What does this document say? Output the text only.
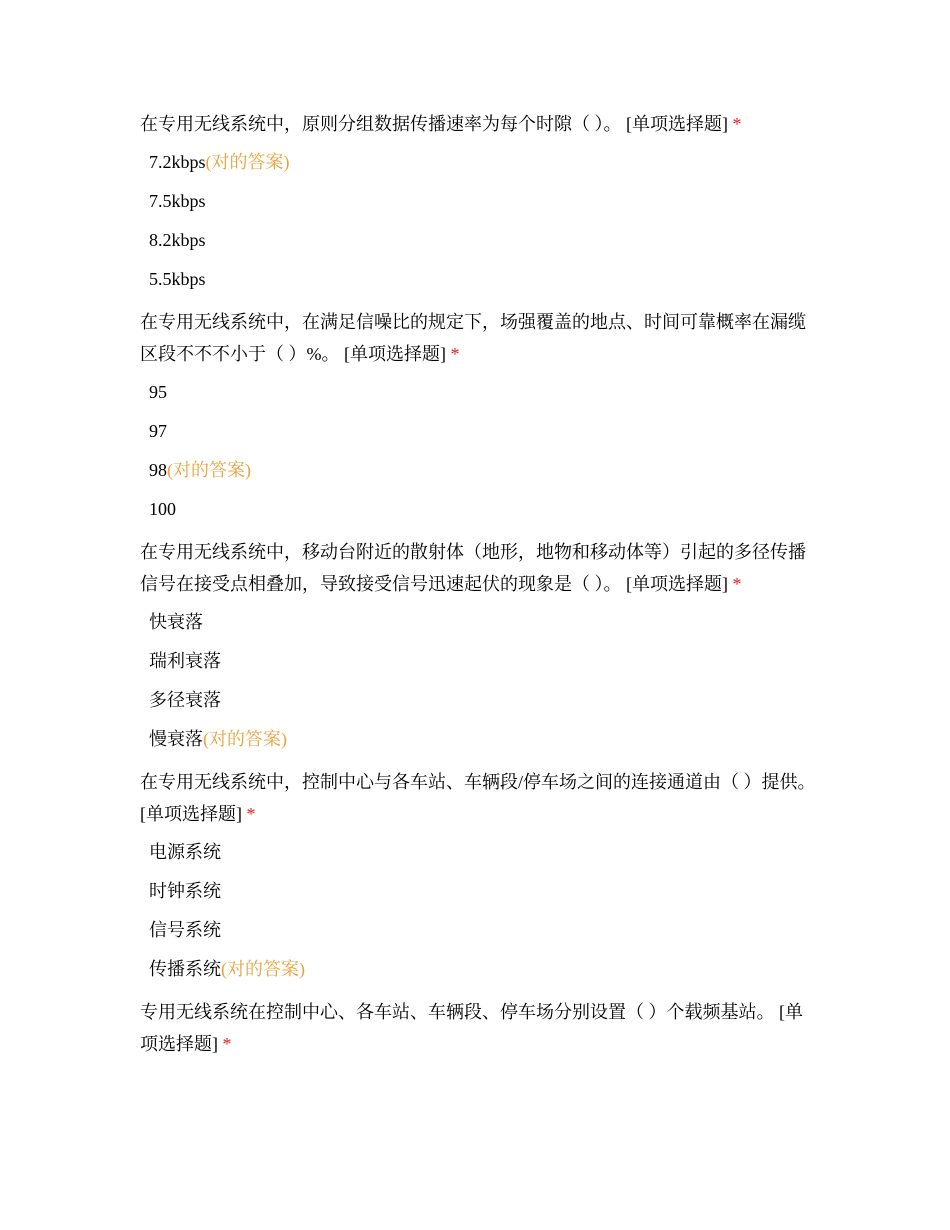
在专用无线系统中，原则分组数据传播速率为每个时隙（ ）。 [单项选择题] *

7.2kbps(对的答案)
7.5kbps
8.2kbps
5.5kbps

在专用无线系统中，在满足信噪比的规定下，场强覆盖的地点、时间可靠概率在漏缆区段不不不小于（ ）%。 [单项选择题] *

95
97
98(对的答案)
100

在专用无线系统中，移动台附近的散射体（地形，地物和移动体等）引起的多径传播信号在接受点相叠加，导致接受信号迅速起伏的现象是（ ）。 [单项选择题] *

快衰落
瑞利衰落
多径衰落
慢衰落(对的答案)

在专用无线系统中，控制中心与各车站、车辆段/停车场之间的连接通道由（ ）提供。 [单项选择题] *

电源系统
时钟系统
信号系统
传播系统(对的答案)

专用无线系统在控制中心、各车站、车辆段、停车场分别设置（ ）个载频基站。 [单项选择题] *
